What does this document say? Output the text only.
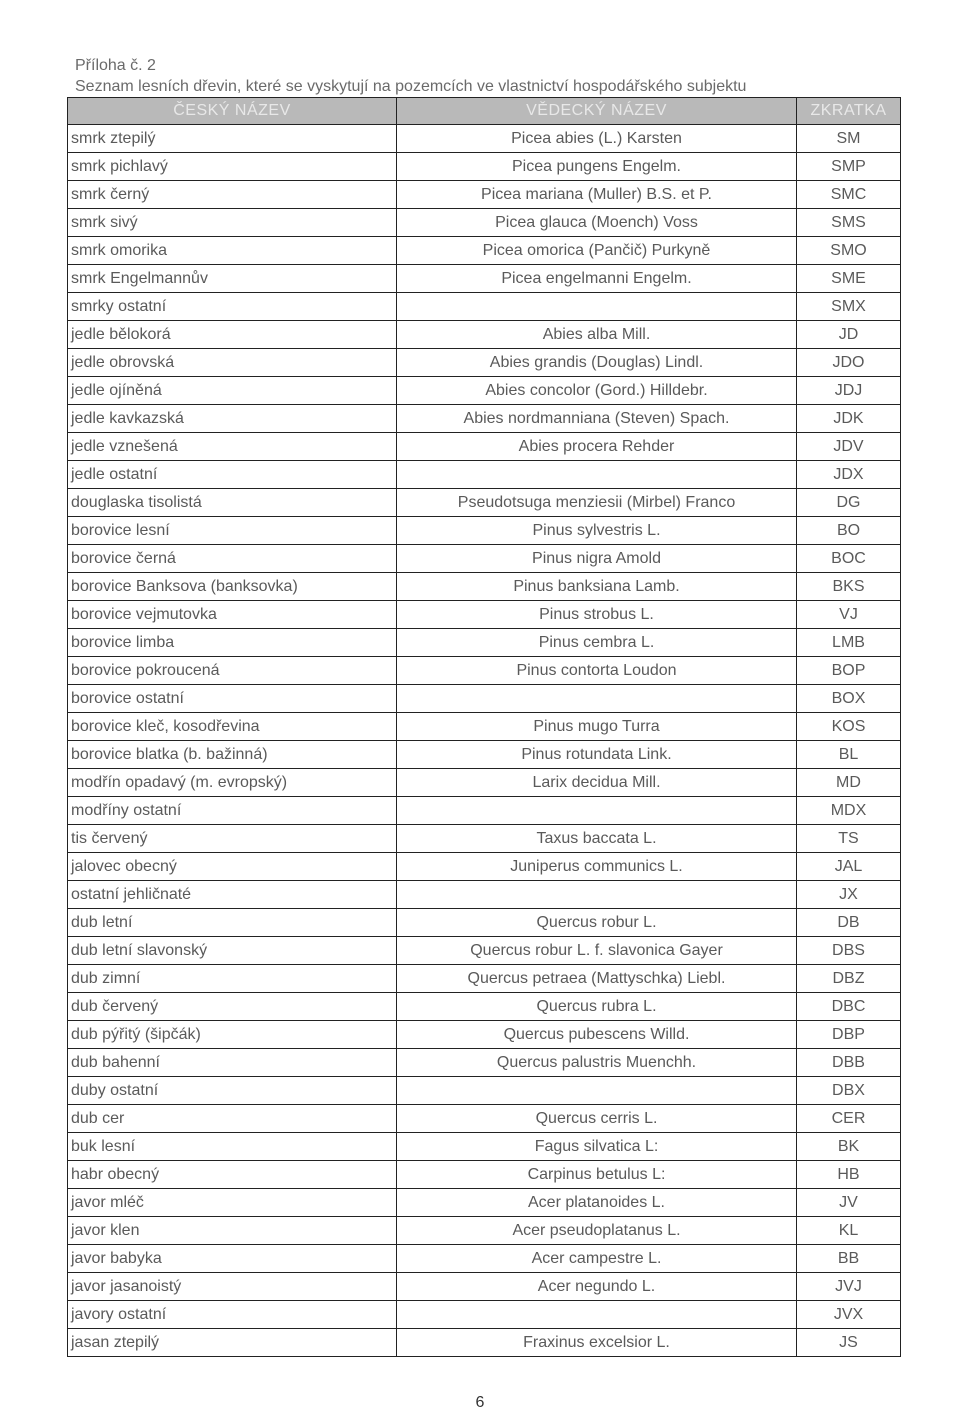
Příloha č. 2
Seznam lesních dřevin, které se vyskytují na pozemcích ve vlastnictví hospodářského subjektu
ČESKÝ NÁZEV	VĚDECKÝ NÁZEV	ZKRATKA
smrk ztepilý	Picea abies (L.) Karsten	SM
smrk pichlavý	Picea pungens Engelm.	SMP
smrk černý	Picea mariana (Muller) B.S. et P.	SMC
smrk sivý	Picea glauca (Moench) Voss	SMS
smrk omorika	Picea omorica (Pančič) Purkyně	SMO
smrk Engelmannův	Picea engelmanni Engelm.	SME
smrky ostatní		SMX
jedle bělokorá	Abies alba Mill.	JD
jedle obrovská	Abies grandis (Douglas) Lindl.	JDO
jedle ojíněná	Abies concolor (Gord.) Hilldebr.	JDJ
jedle kavkazská	Abies nordmanniana (Steven) Spach.	JDK
jedle vznešená	Abies procera Rehder	JDV
jedle ostatní		JDX
douglaska tisolistá	Pseudotsuga menziesii (Mirbel) Franco	DG
borovice lesní	Pinus sylvestris L.	BO
borovice černá	Pinus nigra Amold	BOC
borovice Banksova (banksovka)	Pinus banksiana Lamb.	BKS
borovice vejmutovka	Pinus strobus L.	VJ
borovice limba	Pinus cembra L.	LMB
borovice pokroucená	Pinus contorta Loudon	BOP
borovice ostatní		BOX
borovice kleč, kosodřevina	Pinus mugo Turra	KOS
borovice blatka (b. bažinná)	Pinus rotundata Link.	BL
modřín opadavý (m. evropský)	Larix decidua Mill.	MD
modříny ostatní		MDX
tis červený	Taxus baccata L.	TS
jalovec obecný	Juniperus communics L.	JAL
ostatní jehličnaté		JX
dub letní	Quercus robur L.	DB
dub letní slavonský	Quercus robur L. f. slavonica Gayer	DBS
dub zimní	Quercus petraea (Mattyschka) Liebl.	DBZ
dub červený	Quercus rubra L.	DBC
dub pýřitý (šipčák)	Quercus pubescens Willd.	DBP
dub bahenní	Quercus palustris Muenchh.	DBB
duby ostatní		DBX
dub cer	Quercus cerris L.	CER
buk lesní	Fagus silvatica L:	BK
habr obecný	Carpinus betulus L:	HB
javor mléč	Acer platanoides L.	JV
javor klen	Acer pseudoplatanus L.	KL
javor babyka	Acer campestre L.	BB
javor jasanoistý	Acer negundo L.	JVJ
javory ostatní		JVX
jasan ztepilý	Fraxinus excelsior L.	JS
6
